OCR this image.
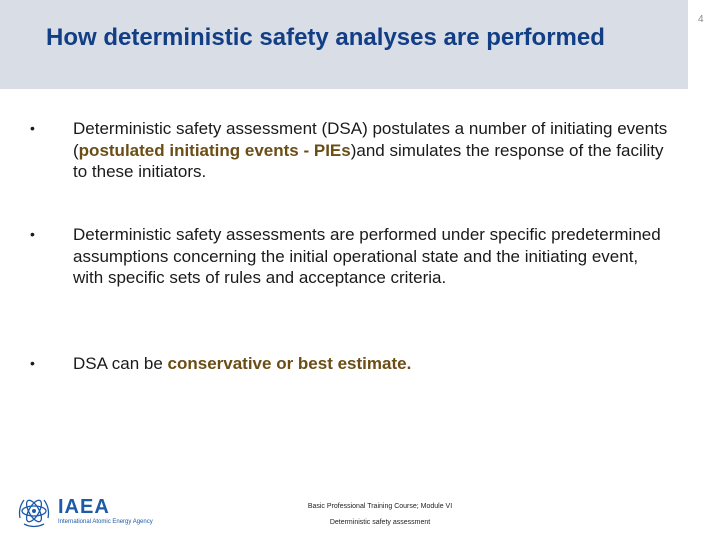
How deterministic safety analyses are performed
4
• Deterministic safety assessment (DSA) postulates a number of initiating events (postulated initiating events - PIEs)and simulates the response of the facility to these initiators.
• Deterministic safety assessments are performed under specific predetermined assumptions concerning the initial operational state and the initiating event, with specific sets of rules and acceptance criteria.
• DSA can be conservative or best estimate.
IAEA
International Atomic Energy Agency
Basic Professional Training Course; Module VI
Deterministic safety assessment
